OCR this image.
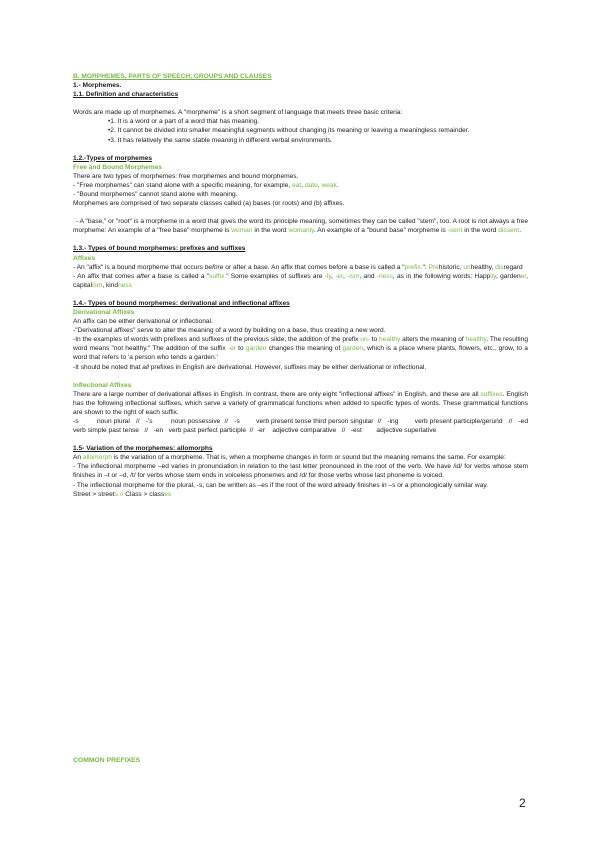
B. MORPHEMES, PARTS OF SPEECH, GROUPS AND CLAUSES

1.- Morphemes.

1.1. Definition and characteristics

Words are made up of morphemes. A "morpheme" is a short segment of language that meets three basic criteria:

•1. It is a word or a part of a word that has meaning.

•2. It cannot be divided into smaller meaningful segments without changing its meaning or leaving a meaningless remainder.

•3. It has relatively the same stable meaning in different verbal environments.

1.2.-Types of morphemes

Free and Bound Morphemes

There are two types of morphemes: free morphemes and bound morphemes.

- "Free morphemes" can stand alone with a specific meaning, for example, eat, date, weak.

- "Bound morphemes" cannot stand alone with meaning.

Morphemes are comprised of two separate classes called (a) bases (or roots) and (b) affixes.

- A "base," or "root" is a morpheme in a word that gives the word its principle meaning, sometimes they can be called "stem", too. A root is not always a free morpheme: An example of a "free base" morpheme is woman in the word womanly. An example of a "bound base" morpheme is -sent in the word dissent.

1.3.- Types of bound morphemes: prefixes and suffixes

Affixes

- An "affix" is a bound morpheme that occurs before or after a base. An affix that comes before a base is called a "prefix.": Prehistoric, unhealthy, disregard

- An affix that comes after a base is called a "suffix." Some examples of suffixes are -ly, -er, -ism, and -ness, as in the following words: Happily, gardener, capitalism, kindness

1.4.- Types of bound morphemes: derivational and inflectional affixes

Derivational Affixes

An affix can be either derivational or inflectional.

-"Derivational affixes" serve to alter the meaning of a word by building on a base, thus creating a new word.

-In the examples of words with prefixes and suffixes of the previous slide, the addition of the prefix un- to healthy alters the meaning of healthy. The resulting word means "not healthy." The addition of the suffix -er to garden changes the meaning of garden, which is a place where plants, flowers, etc., grow, to a word that refers to 'a person who tends a garden.'

-It should be noted that all prefixes in English are derivational. However, suffixes may be either derivational or inflectional.

Inflectional Affixes

There are a large number of derivational affixes in English. In contrast, there are only eight "inflectional affixes" in English, and these are all suffixes. English has the following inflectional suffixes, which serve a variety of grammatical functions when added to specific types of words. These grammatical functions are shown to the right of each suffix.

-s         noun plural   //   -'s         noun possessive  //   -s        verb present tense third person singular  //   -ing        verb present participle/gerund   //   -ed        verb simple past tense   //   -en   verb past perfect participle  //  -er    adjective comparative   //   -est        adjective superlative

1.5- Variation of the morphemes: allomorphs

An allomorph is the variation of a morpheme. That is, when a morpheme changes in form or sound but the meaning remains the same. For example:

- The inflectional morpheme –ed varies in pronunciation in relation to the last letter pronounced in the root of the verb. We have /id/ for verbs whose stem finishes in –t or –d, /t/ for verbs whose stem ends in voiceless phonemes and /d/ for those verbs whose last phoneme is voiced.

- The inflectional morpheme for the plural, -s, can be written as –es if the root of the word already finishes in –s or a phonologically similar way.

Street > streets // Class > classes

COMMON PREFIXES

2
